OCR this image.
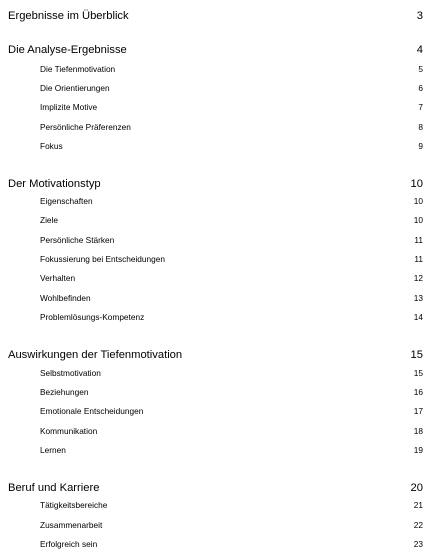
Ergebnisse im Überblick	3
Die Analyse-Ergebnisse	4
Die Tiefenmotivation	5
Die Orientierungen	6
Implizite Motive	7
Persönliche Präferenzen	8
Fokus	9
Der Motivationstyp	10
Eigenschaften	10
Ziele	10
Persönliche Stärken	11
Fokussierung bei Entscheidungen	11
Verhalten	12
Wohlbefinden	13
Problemlösungs-Kompetenz	14
Auswirkungen der Tiefenmotivation	15
Selbstmotivation	15
Beziehungen	16
Emotionale Entscheidungen	17
Kommunikation	18
Lernen	19
Beruf und Karriere	20
Tätigkeitsbereiche	21
Zusammenarbeit	22
Erfolgreich sein	23
